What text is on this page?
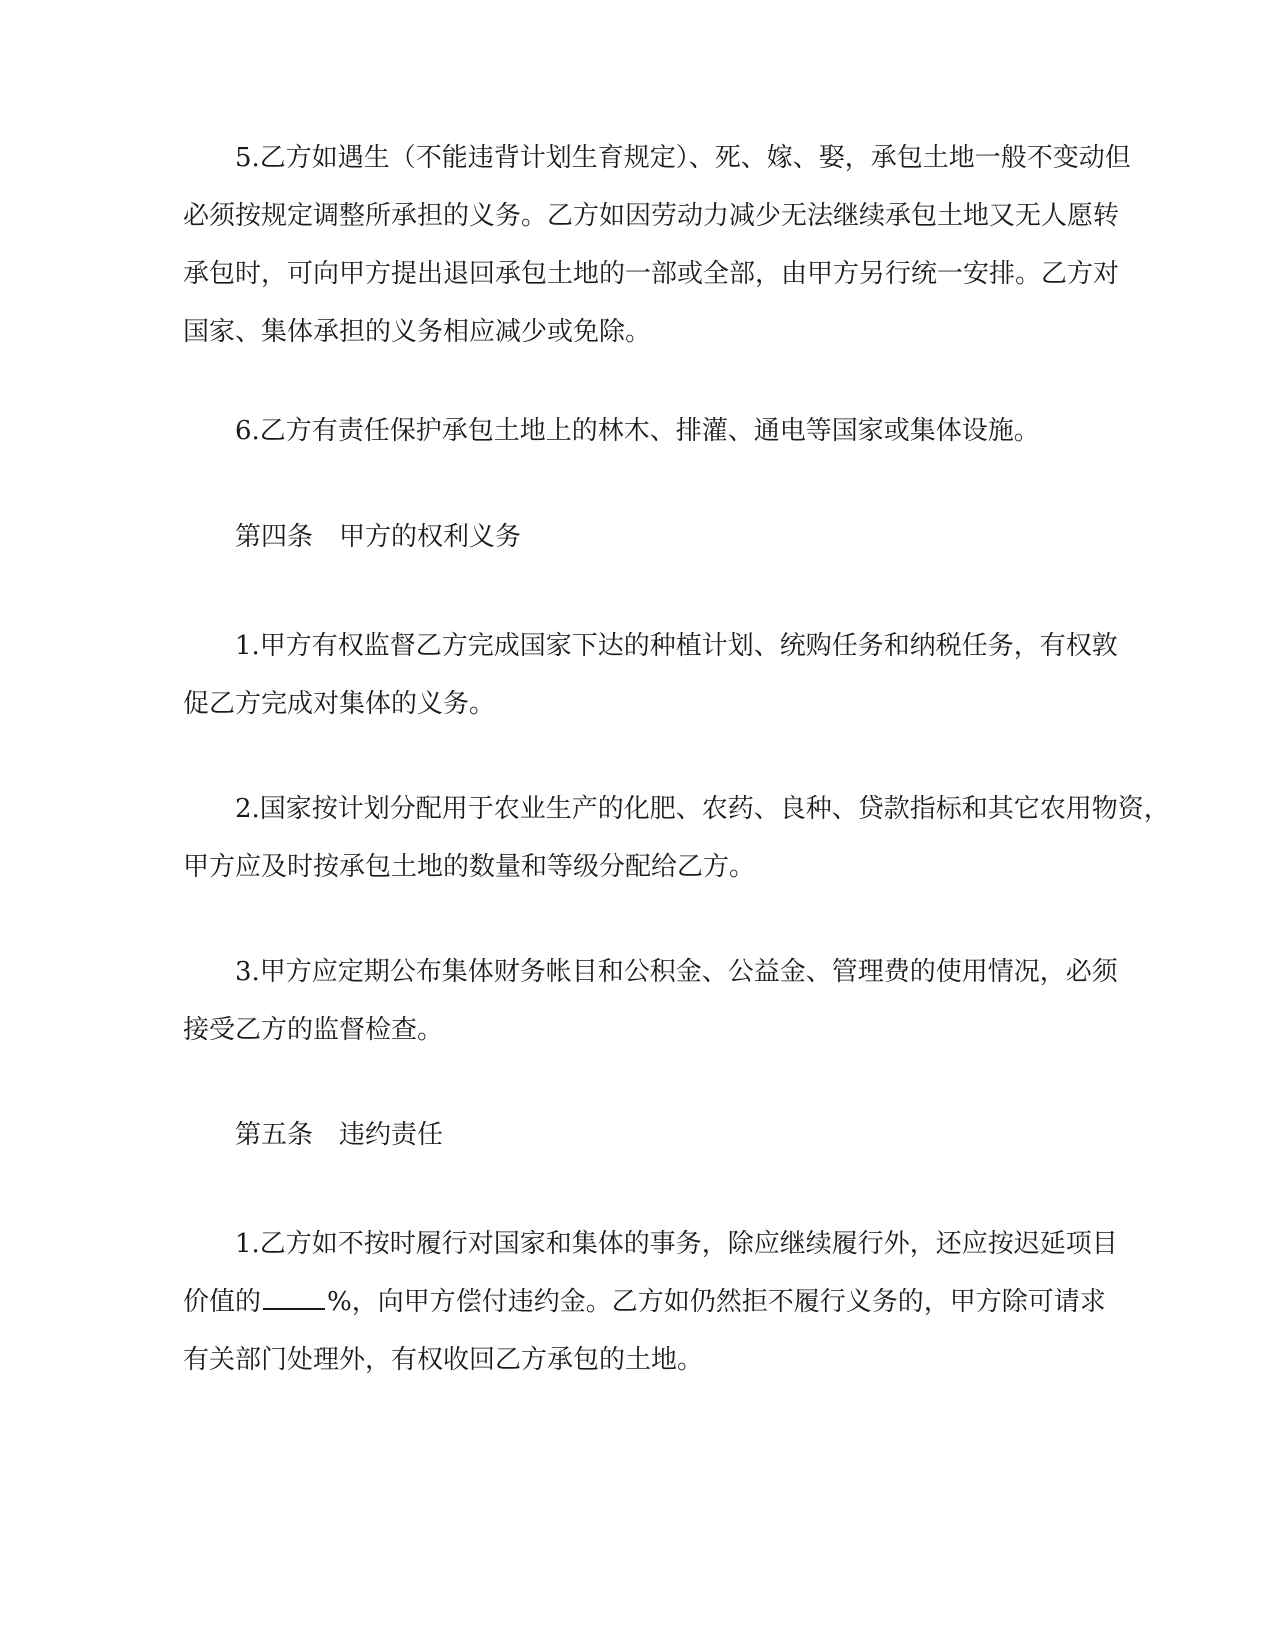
5.乙方如遇生（不能违背计划生育规定）、死、嫁、娶，承包土地一般不变动但
必须按规定调整所承担的义务。乙方如因劳动力减少无法继续承包土地又无人愿转
承包时，可向甲方提出退回承包土地的一部或全部，由甲方另行统一安排。乙方对
国家、集体承担的义务相应减少或免除。
6.乙方有责任保护承包土地上的林木、排灌、通电等国家或集体设施。
第四条 甲方的权利义务
1.甲方有权监督乙方完成国家下达的种植计划、统购任务和纳税任务，有权敦
促乙方完成对集体的义务。
2.国家按计划分配用于农业生产的化肥、农药、良种、贷款指标和其它农用物资，
甲方应及时按承包土地的数量和等级分配给乙方。
3.甲方应定期公布集体财务帐目和公积金、公益金、管理费的使用情况，必须
接受乙方的监督检查。
第五条 违约责任
1.乙方如不按时履行对国家和集体的事务，除应继续履行外，还应按迟延项目
价值的	%，向甲方偿付违约金。乙方如仍然拒不履行义务的，甲方除可请求
有关部门处理外，有权收回乙方承包的土地。
